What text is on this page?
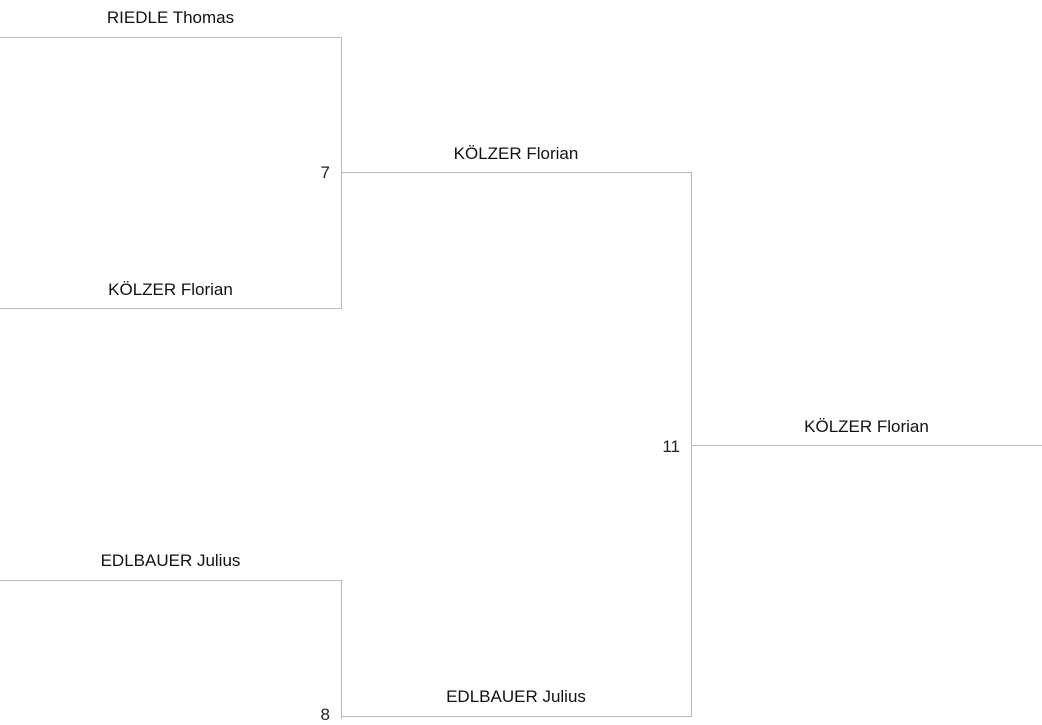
RIEDLE Thomas
KÖLZER Florian
7
EDLBAUER Julius
8
KÖLZER Florian
EDLBAUER Julius
11
KÖLZER Florian
